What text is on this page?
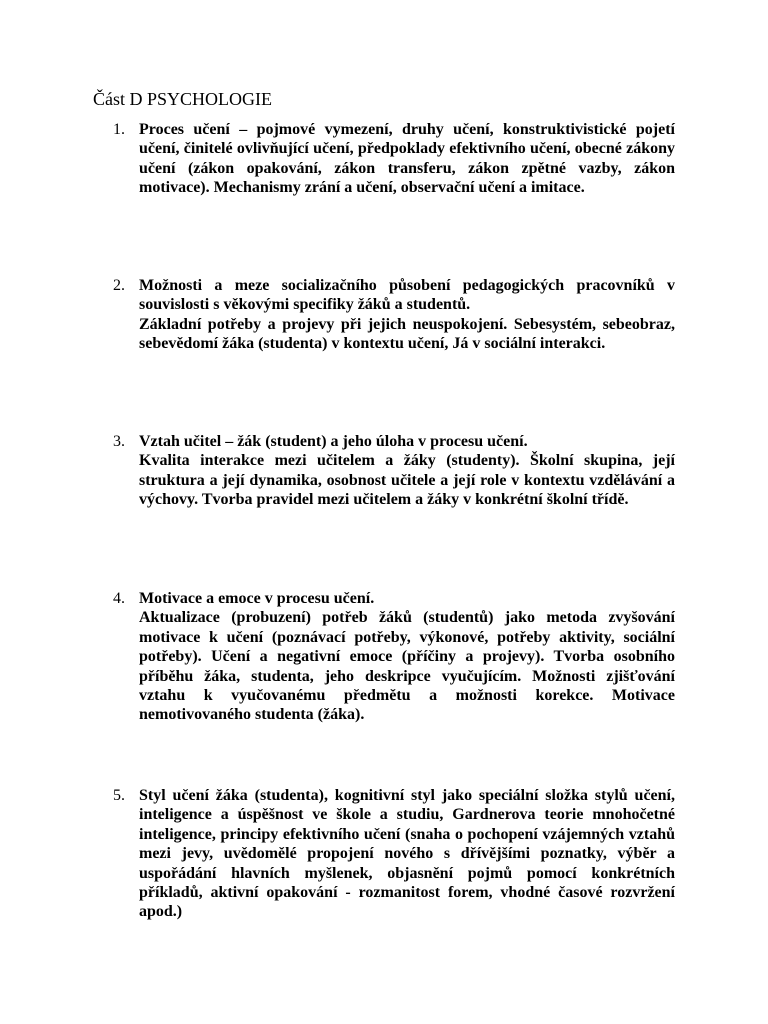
Část D PSYCHOLOGIE
1. Proces učení – pojmové vymezení, druhy učení, konstruktivistické pojetí učení, činitelé ovlivňující učení, předpoklady efektivního učení, obecné zákony učení (zákon opakování, zákon transferu, zákon zpětné vazby, zákon motivace). Mechanismy zrání a učení, observační učení a imitace.

2. Možnosti a meze socializačního působení pedagogických pracovníků v souvislosti s věkovými specifiky žáků a studentů.

Základní potřeby a projevy při jejich neuspokojení. Sebesystém, sebeobraz, sebevědomí žáka (studenta) v kontextu učení, Já v sociální interakci.

3. Vztah učitel – žák (student) a jeho úloha v procesu učení.

Kvalita interakce mezi učitelem a žáky (studenty). Školní skupina, její struktura a její dynamika, osobnost učitele a její role v kontextu vzdělávání a výchovy. Tvorba pravidel mezi učitelem a žáky v konkrétní školní třídě.

4. Motivace a emoce v procesu učení.

Aktualizace (probuzení) potřeb žáků (studentů) jako metoda zvyšování motivace k učení (poznávací potřeby, výkonové, potřeby aktivity, sociální potřeby). Učení a negativní emoce (příčiny a projevy). Tvorba osobního příběhu žáka, studenta, jeho deskripce vyučujícím. Možnosti zjišťování vztahu k vyučovanému předmětu a možnosti korekce. Motivace nemotivovaného studenta (žáka).

5. Styl učení žáka (studenta), kognitivní styl jako speciální složka stylů učení, inteligence a úspěšnost ve škole a studiu, Gardnerova teorie mnohočetné inteligence, principy efektivního učení (snaha o pochopení vzájemných vztahů mezi jevy, uvědomělé propojení nového s dřívějšími poznatky, výběr a uspořádání hlavních myšlenek, objasnění pojmů pomocí konkrétních příkladů, aktivní opakování - rozmanitost forem, vhodné časové rozvržení apod.)
